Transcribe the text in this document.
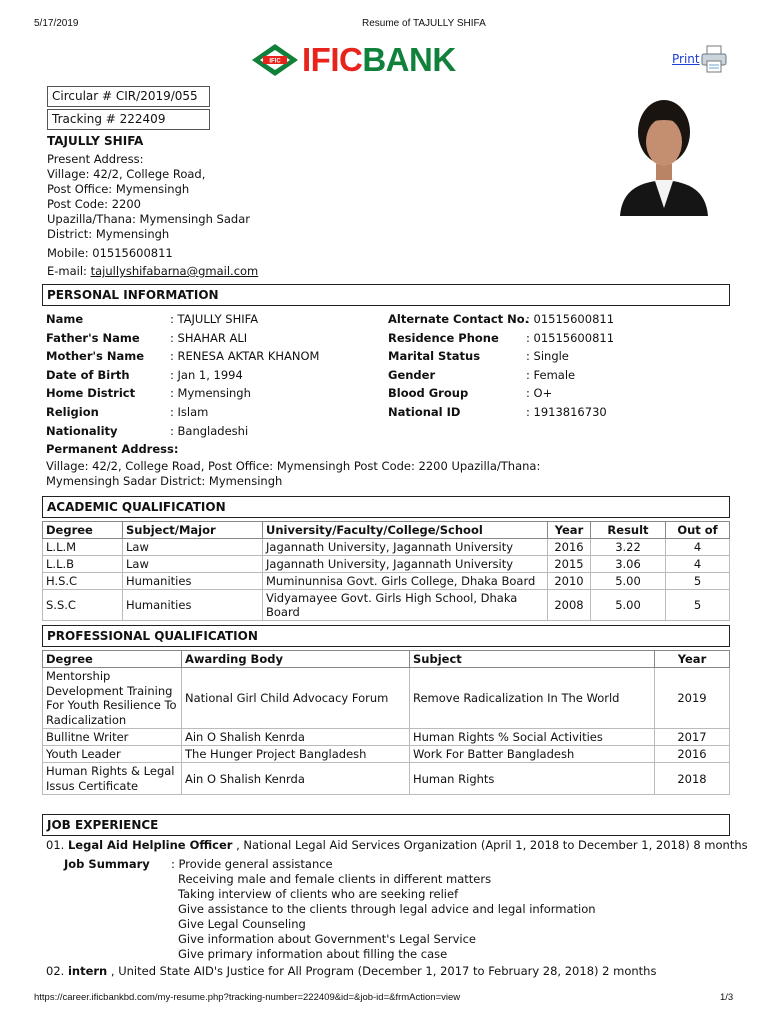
5/17/2019	Resume of TAJULLY SHIFA
IFIC IFICBANK	Print
Circular # CIR/2019/055
Tracking # 222409
TAJULLY SHIFA
Present Address:
Village: 42/2, College Road,
Post Office: Mymensingh
Post Code: 2200
Upazilla/Thana: Mymensingh Sadar
District: Mymensingh
Mobile: 01515600811
E-mail: tajullyshifabarna@gmail.com
PERSONAL INFORMATION
Name	: TAJULLY SHIFA
Father's Name	: SHAHAR ALI
Mother's Name : RENESA AKTAR KHANOM
Date of Birth	: Jan 1, 1994
Home District	: Mymensingh
Religion	: Islam
Nationality	: Bangladeshi
Permanent Address:
Alternate Contact No.
: 01515600811
Residence Phone : 01515600811
Marital Status	: Single
Gender	: Female
Blood Group	: O+
National ID	: 1913816730
Village: 42/2, College Road, Post Office: Mymensingh Post Code: 2200 Upazilla/Thana:
Mymensingh Sadar District: Mymensingh
ACADEMIC QUALIFICATION
Degree	Subject/Major	University/Faculty/College/School	Year	Result	Out of
L.L.M	Law	Jagannath University, Jagannath University	2016	3.22	4
L.L.B	Law	Jagannath University, Jagannath University	2015	3.06	4
H.S.C	Humanities	Muminunnisa Govt. Girls College, Dhaka Board	2010	5.00	5
S.S.C	Humanities	Vidyamayee Govt. Girls High School, Dhaka Board	2008	5.00	5
PROFESSIONAL QUALIFICATION
Degree	Awarding Body	Subject	Year
Mentorship Development Training For Youth Resilience To Radicalization	National Girl Child Advocacy Forum	Remove Radicalization In The World	2019
Bullitne Writer	Ain O Shalish Kenrda	Human Rights % Social Activities	2017
Youth Leader	The Hunger Project Bangladesh	Work For Batter Bangladesh	2016
Human Rights & Legal Issus Certificate	Ain O Shalish Kenrda	Human Rights	2018
JOB EXPERIENCE
01. Legal Aid Helpline Officer , National Legal Aid Services Organization (April 1, 2018 to December 1, 2018) 8 months
Job Summary : Provide general assistance
Receiving male and female clients in different matters
Taking interview of clients who are seeking relief
Give assistance to the clients through legal advice and legal information
Give Legal Counseling
Give information about Government's Legal Service
Give primary information about filling the case
02. intern , United State AID's Justice for All Program (December 1, 2017 to February 28, 2018) 2 months
https://career.ificbankbd.com/my-resume.php?tracking-number=222409&id=&job-id=&frmAction=view	1/3
